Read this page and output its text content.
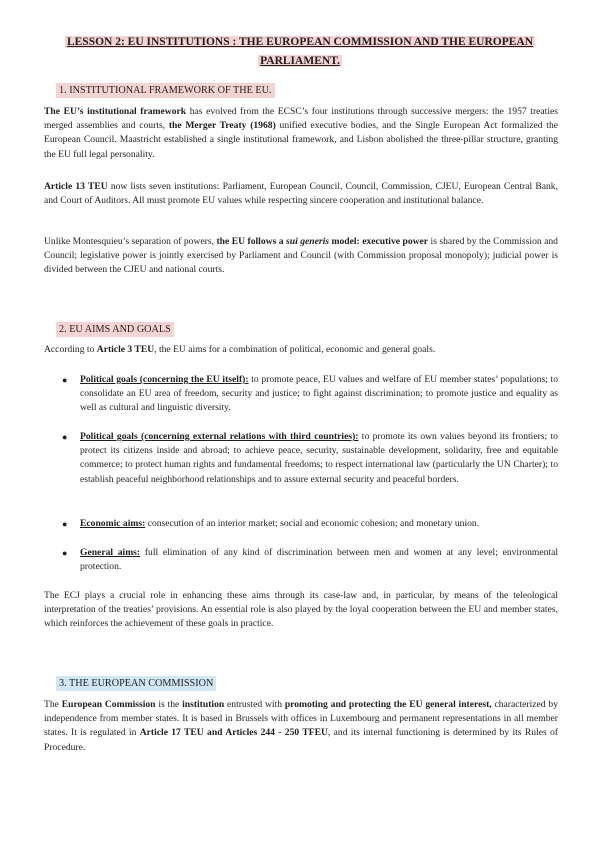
LESSON 2: EU INSTITUTIONS : THE EUROPEAN COMMISSION AND THE EUROPEAN PARLIAMENT.
1. INSTITUTIONAL FRAMEWORK OF THE EU.

The EU’s institutional framework has evolved from the ECSC’s four institutions through successive mergers: the 1957 treaties merged assemblies and courts, the Merger Treaty (1968) unified executive bodies, and the Single European Act formalized the European Council. Maastricht established a single institutional framework, and Lisbon abolished the three-pillar structure, granting the EU full legal personality.

Article 13 TEU now lists seven institutions: Parliament, European Council, Council, Commission, CJEU, European Central Bank, and Court of Auditors. All must promote EU values while respecting sincere cooperation and institutional balance.

Unlike Montesquieu’s separation of powers, the EU follows a sui generis model: executive power is shared by the Commission and Council; legislative power is jointly exercised by Parliament and Council (with Commission proposal monopoly); judicial power is divided between the CJEU and national courts.

2. EU AIMS AND GOALS

According to Article 3 TEU, the EU aims for a combination of political, economic and general goals.

●	Political goals (concerning the EU itself): to promote peace, EU values and welfare of EU member states’ populations; to consolidate an EU area of freedom, security and justice; to fight against discrimination; to promote justice and equality as well as cultural and linguistic diversity.

●	Political goals (concerning external relations with third countries): to promote its own values beyond its frontiers; to protect its citizens inside and abroad; to achieve peace, security, sustainable development, solidarity, free and equitable commerce; to protect human rights and fundamental freedoms; to respect international law (particularly the UN Charter); to establish peaceful neighborhood relationships and to assure external security and peaceful borders.

●	Economic aims: consecution of an interior market; social and economic cohesion; and monetary union.

●	General aims: full elimination of any kind of discrimination between men and women at any level; environmental protection.

The ECJ plays a crucial role in enhancing these aims through its case-law and, in particular, by means of the teleological interpretation of the treaties’ provisions. An essential role is also played by the loyal cooperation between the EU and member states, which reinforces the achievement of these goals in practice.

3. THE EUROPEAN COMMISSION

The European Commission is the institution entrusted with promoting and protecting the EU general interest, characterized by independence from member states. It is based in Brussels with offices in Luxembourg and permanent representations in all member states. It is regulated in Article 17 TEU and Articles 244 - 250 TFEU, and its internal functioning is determined by its Rules of Procedure.
